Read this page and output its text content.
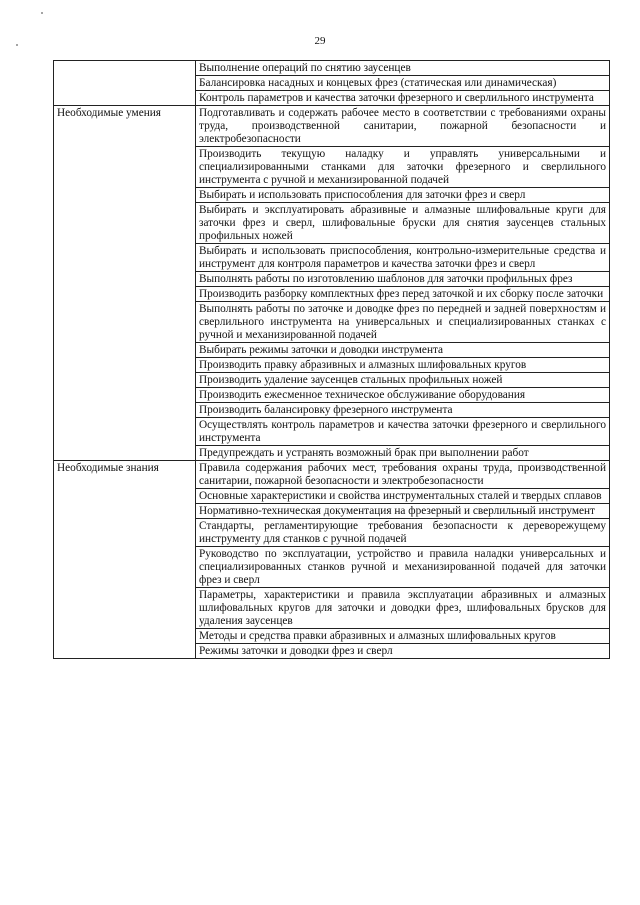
29
	Выполнение операций по снятию заусенцев
	Балансировка насадных и концевых фрез (статическая или динамическая)
	Контроль параметров и качества заточки фрезерного и сверлильного инструмента
Необходимые умения	Подготавливать и содержать рабочее место в соответствии с требованиями охраны труда, производственной санитарии, пожарной безопасности и электробезопасности
	Производить текущую наладку и управлять универсальными и специализированными станками для заточки фрезерного и сверлильного инструмента с ручной и механизированной подачей
	Выбирать и использовать приспособления для заточки фрез и сверл
	Выбирать и эксплуатировать абразивные и алмазные шлифовальные круги для заточки фрез и сверл, шлифовальные бруски для снятия заусенцев стальных профильных ножей
	Выбирать и использовать приспособления, контрольно-измерительные средства и инструмент для контроля параметров и качества заточки фрез и сверл
	Выполнять работы по изготовлению шаблонов для заточки профильных фрез
	Производить разборку комплектных фрез перед заточкой и их сборку после заточки
	Выполнять работы по заточке и доводке фрез по передней и задней поверхностям и сверлильного инструмента на универсальных и специализированных станках с ручной и механизированной подачей
	Выбирать режимы заточки и доводки инструмента
	Производить правку абразивных и алмазных шлифовальных кругов
	Производить удаление заусенцев стальных профильных ножей
	Производить ежесменное техническое обслуживание оборудования
	Производить балансировку фрезерного инструмента
	Осуществлять контроль параметров и качества заточки фрезерного и сверлильного инструмента
	Предупреждать и устранять возможный брак при выполнении работ
Необходимые знания	Правила содержания рабочих мест, требования охраны труда, производственной санитарии, пожарной безопасности и электробезопасности
	Основные характеристики и свойства инструментальных сталей и твердых сплавов
	Нормативно-техническая документация на фрезерный и сверлильный инструмент
	Стандарты, регламентирующие требования безопасности к дереворежущему инструменту для станков с ручной подачей
	Руководство по эксплуатации, устройство и правила наладки универсальных и специализированных станков ручной и механизированной подачей для заточки фрез и сверл
	Параметры, характеристики и правила эксплуатации абразивных и алмазных шлифовальных кругов для заточки и доводки фрез, шлифовальных брусков для удаления заусенцев
	Методы и средства правки абразивных и алмазных шлифовальных кругов
	Режимы заточки и доводки фрез и сверл
